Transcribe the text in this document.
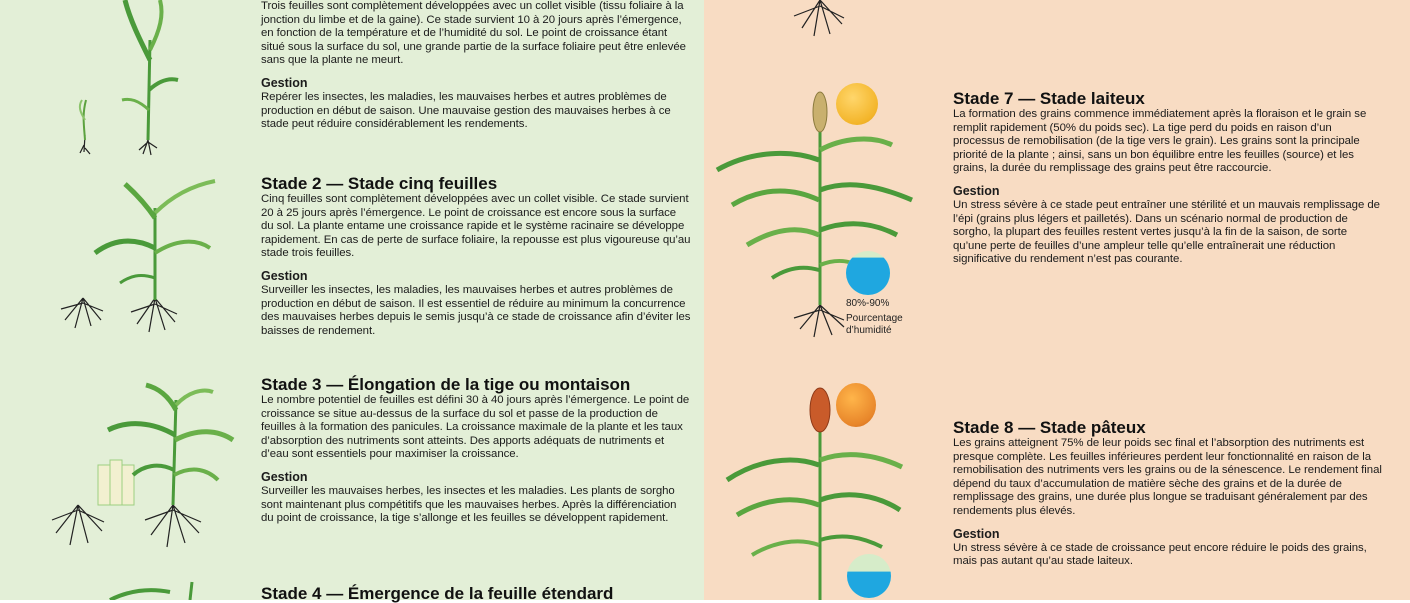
Trois feuilles sont complètement développées avec un collet visible (tissu foliaire à la jonction du limbe et de la gaine). Ce stade survient 10 à 20 jours après l’émergence, en fonction de la température et de l’humidité du sol. Le point de croissance étant situé sous la surface du sol, une grande partie de la surface foliaire peut être enlevée sans que la plante ne meurt.

Gestion

Repérer les insectes, les maladies, les mauvaises herbes et autres problèmes de production en début de saison. Une mauvaise gestion des mauvaises herbes à ce stade peut réduire considérablement les rendements.

Stade 2 — Stade cinq feuilles

Cinq feuilles sont complètement développées avec un collet visible. Ce stade survient 20 à 25 jours après l’émergence. Le point de croissance est encore sous la surface du sol. La plante entame une croissance rapide et le système racinaire se développe rapidement. En cas de perte de surface foliaire, la repousse est plus vigoureuse qu’au stade trois feuilles.

Gestion

Surveiller les insectes, les maladies, les mauvaises herbes et autres problèmes de production en début de saison. Il est essentiel de réduire au minimum la concurrence des mauvaises herbes depuis le semis jusqu’à ce stade de croissance afin d’éviter les baisses de rendement.

Stade 3 — Élongation de la tige ou montaison

Le nombre potentiel de feuilles est défini 30 à 40 jours après l’émergence. Le point de croissance se situe au-dessus de la surface du sol et passe de la production de feuilles à la formation des panicules. La croissance maximale de la plante et les taux d’absorption des nutriments sont atteints. Des apports adéquats de nutriments et d’eau sont essentiels pour maximiser la croissance.

Gestion

Surveiller les mauvaises herbes, les insectes et les maladies. Les plants de sorgho sont maintenant plus compétitifs que les mauvaises herbes. Après la différenciation du point de croissance, la tige s’allonge et les feuilles se développent rapidement.

Stade 4 — Émergence de la feuille étendard
80%-90%
Pourcentage
d’humidité
Stade 7 — Stade laiteux

La formation des grains commence immédiatement après la floraison et le grain se remplit rapidement (50% du poids sec). La tige perd du poids en raison d’un processus de remobilisation (de la tige vers le grain). Les grains sont la principale priorité de la plante ; ainsi, sans un bon équilibre entre les feuilles (source) et les grains, la durée du remplissage des grains peut être raccourcie.

Gestion

Un stress sévère à ce stade peut entraîner une stérilité et un mauvais remplissage de l’épi (grains plus légers et pailletés). Dans un scénario normal de production de sorgho, la plupart des feuilles restent vertes jusqu’à la fin de la saison, de sorte qu’une perte de feuilles d’une ampleur telle qu’elle entraînerait une réduction significative du rendement n’est pas courante.

Stade 8 — Stade pâteux

Les grains atteignent 75% de leur poids sec final et l’absorption des nutriments est presque complète. Les feuilles inférieures perdent leur fonctionnalité en raison de la remobilisation des nutriments vers les grains ou de la sénescence. Le rendement final dépend du taux d’accumulation de matière sèche des grains et de la durée de remplissage des grains, une durée plus longue se traduisant généralement par des rendements plus élevés.

Gestion

Un stress sévère à ce stade de croissance peut encore réduire le poids des grains, mais pas autant qu’au stade laiteux.
